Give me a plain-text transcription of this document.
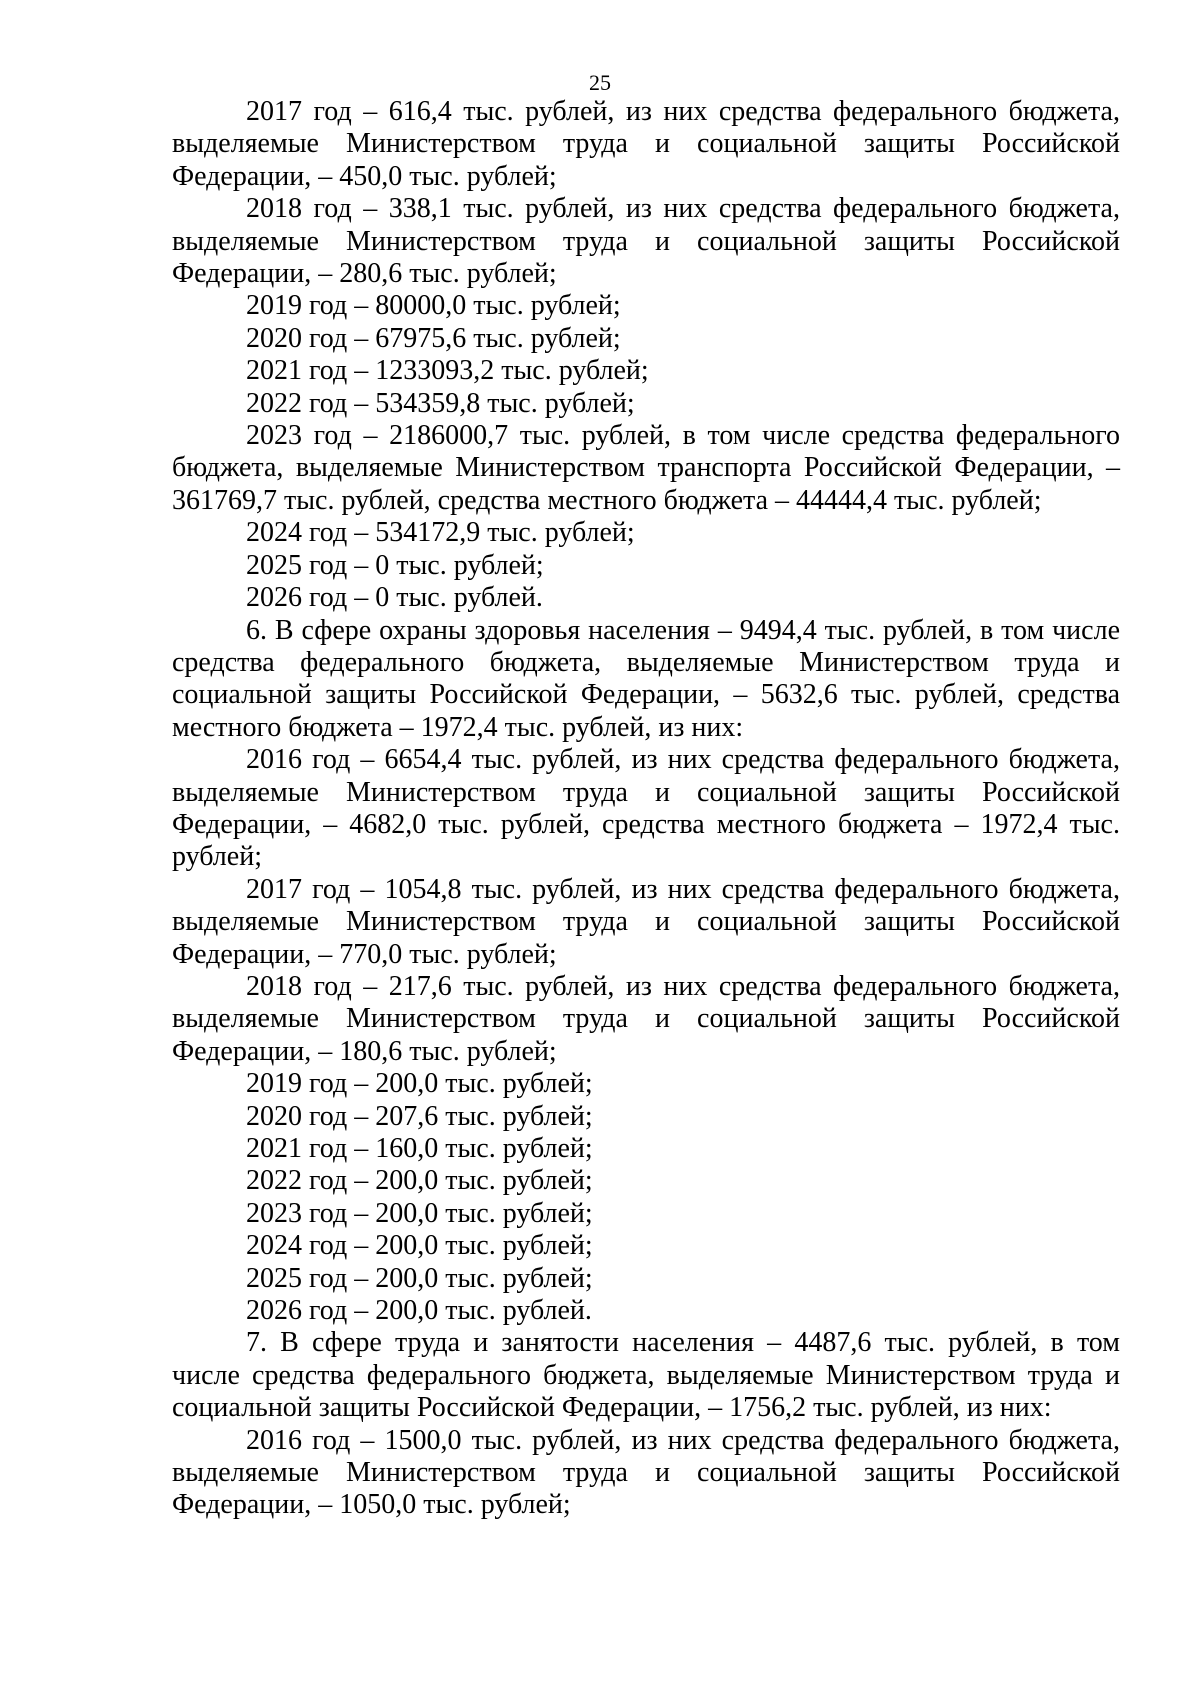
25

2017 год – 616,4 тыс. рублей, из них средства федерального бюджета, выделяемые Министерством труда и социальной защиты Российской Федерации, – 450,0 тыс. рублей;

2018 год – 338,1 тыс. рублей, из них средства федерального бюджета, выделяемые Министерством труда и социальной защиты Российской Федерации, – 280,6 тыс. рублей;

2019 год – 80000,0 тыс. рублей;

2020 год – 67975,6 тыс. рублей;

2021 год – 1233093,2 тыс. рублей;

2022 год – 534359,8 тыс. рублей;

2023 год – 2186000,7 тыс. рублей, в том числе средства федерального бюджета, выделяемые Министерством транспорта Российской Федерации, – 361769,7 тыс. рублей, средства местного бюджета – 44444,4 тыс. рублей;

2024 год – 534172,9 тыс. рублей;

2025 год – 0 тыс. рублей;

2026 год – 0 тыс. рублей.

6. В сфере охраны здоровья населения – 9494,4 тыс. рублей, в том числе средства федерального бюджета, выделяемые Министерством труда и социальной защиты Российской Федерации, – 5632,6 тыс. рублей, средства местного бюджета – 1972,4 тыс. рублей, из них:

2016 год – 6654,4 тыс. рублей, из них средства федерального бюджета, выделяемые Министерством труда и социальной защиты Российской Федерации, – 4682,0 тыс. рублей, средства местного бюджета – 1972,4 тыс. рублей;

2017 год – 1054,8 тыс. рублей, из них средства федерального бюджета, выделяемые Министерством труда и социальной защиты Российской Федерации, – 770,0 тыс. рублей;

2018 год – 217,6 тыс. рублей, из них средства федерального бюджета, выделяемые Министерством труда и социальной защиты Российской Федерации, – 180,6 тыс. рублей;

2019 год – 200,0 тыс. рублей;

2020 год – 207,6 тыс. рублей;

2021 год – 160,0 тыс. рублей;

2022 год – 200,0 тыс. рублей;

2023 год – 200,0 тыс. рублей;

2024 год – 200,0 тыс. рублей;

2025 год – 200,0 тыс. рублей;

2026 год – 200,0 тыс. рублей.

7. В сфере труда и занятости населения – 4487,6 тыс. рублей, в том числе средства федерального бюджета, выделяемые Министерством труда и социальной защиты Российской Федерации, – 1756,2 тыс. рублей, из них:

2016 год – 1500,0 тыс. рублей, из них средства федерального бюджета, выделяемые Министерством труда и социальной защиты Российской Федерации, – 1050,0 тыс. рублей;
